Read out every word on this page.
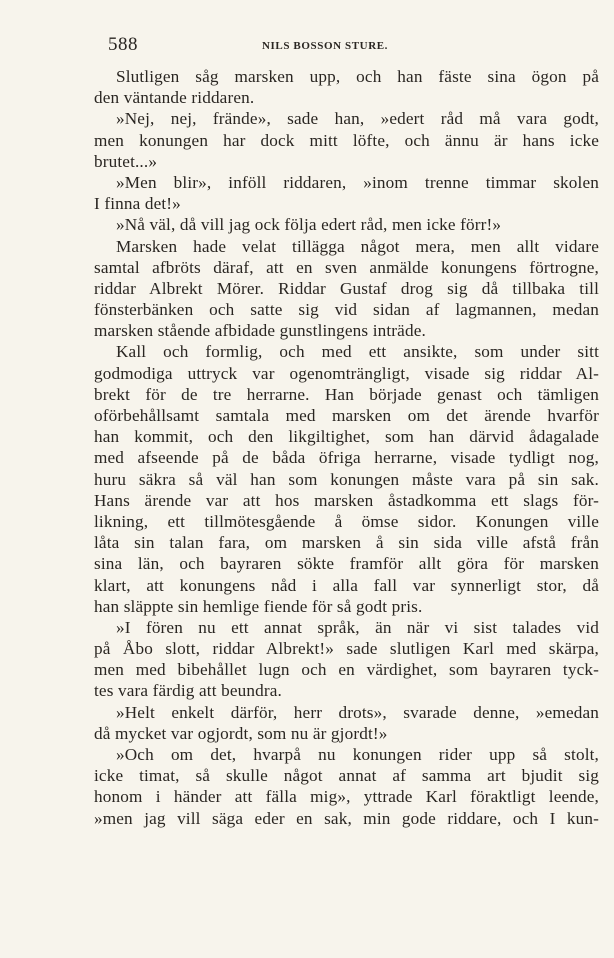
588	NILS BOSSON STURE.
Slutligen såg marsken upp, och han fäste sina ögon på
den väntande riddaren.
»Nej, nej, frände», sade han, »edert råd må vara godt,
men konungen har dock mitt löfte, och ännu är hans icke
brutet...»
»Men blir», inföll riddaren, »inom trenne timmar skolen
I finna det!»
»Nå väl, då vill jag ock följa edert råd, men icke förr!»
Marsken hade velat tillägga något mera, men allt vidare
samtal afbröts däraf, att en sven anmälde konungens förtrogne,
riddar Albrekt Mörer. Riddar Gustaf drog sig då tillbaka till
fönsterbänken och satte sig vid sidan af lagmannen, medan
marsken stående afbidade gunstlingens inträde.
Kall och formlig, och med ett ansikte, som under sitt
godmodiga uttryck var ogenomträngligt, visade sig riddar Al-
brekt för de tre herrarne. Han började genast och tämligen
oförbehållsamt samtala med marsken om det ärende hvarför
han kommit, och den likgiltighet, som han därvid ådagalade
med afseende på de båda öfriga herrarne, visade tydligt nog,
huru säkra så väl han som konungen måste vara på sin sak.
Hans ärende var att hos marsken åstadkomma ett slags för-
likning, ett tillmötesgående å ömse sidor. Konungen ville
låta sin talan fara, om marsken å sin sida ville afstå från
sina län, och bayraren sökte framför allt göra för marsken
klart, att konungens nåd i alla fall var synnerligt stor, då
han släppte sin hemlige fiende för så godt pris.
»I fören nu ett annat språk, än när vi sist talades vid
på Åbo slott, riddar Albrekt!» sade slutligen Karl med skärpa,
men med bibehållet lugn och en värdighet, som bayraren tyck-
tes vara färdig att beundra.
»Helt enkelt därför, herr drots», svarade denne, »emedan
då mycket var ogjordt, som nu är gjordt!»
»Och om det, hvarpå nu konungen rider upp så stolt,
icke timat, så skulle något annat af samma art bjudit sig
honom i händer att fälla mig», yttrade Karl föraktligt leende,
»men jag vill säga eder en sak, min gode riddare, och I kun-
